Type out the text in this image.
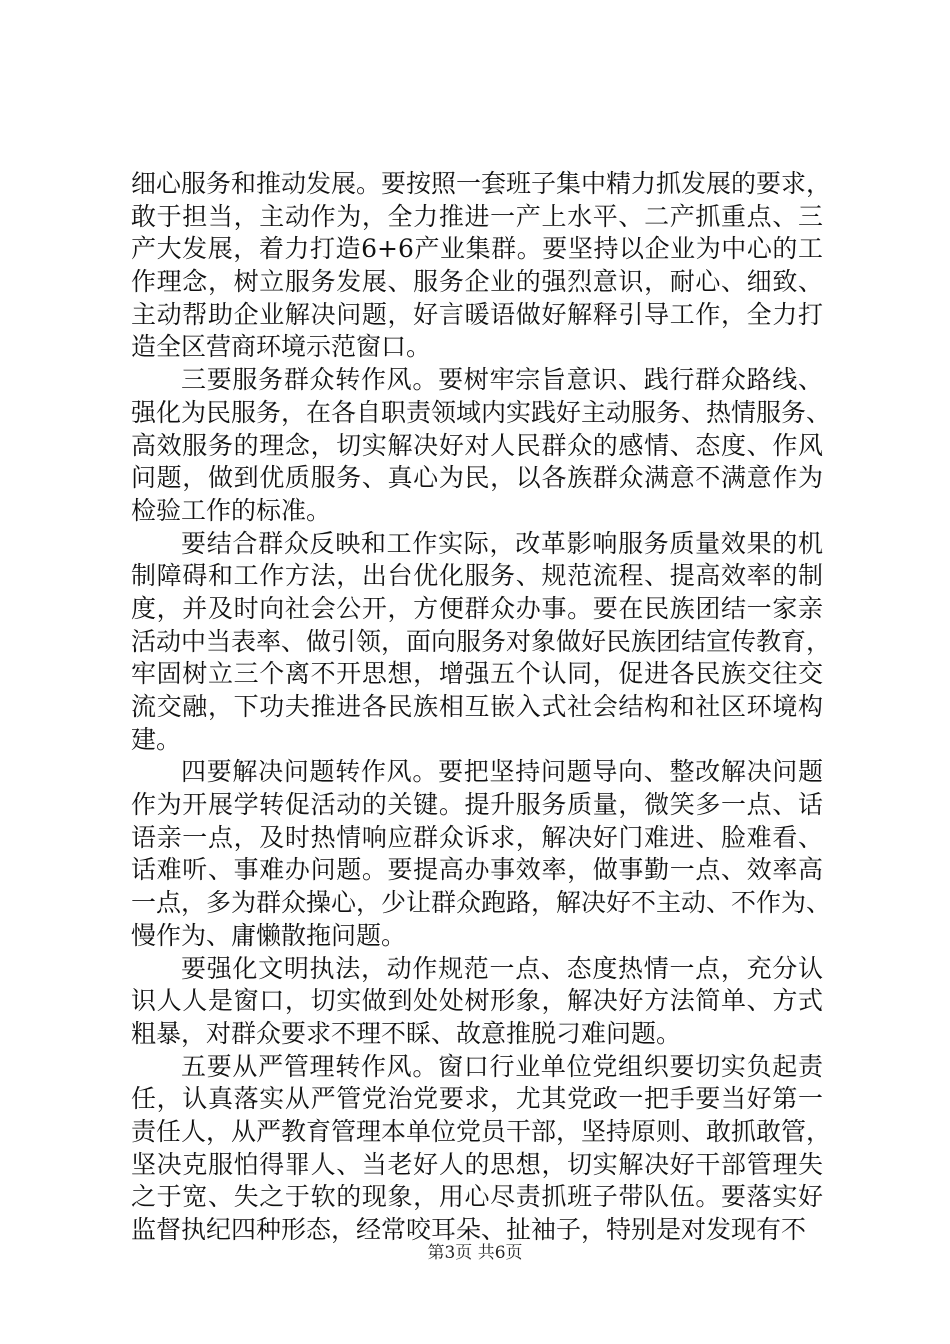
细心服务和推动发展。要按照一套班子集中精力抓发展的要求，
敢于担当，主动作为，全力推进一产上水平、二产抓重点、三
产大发展，着力打造6+6产业集群。要坚持以企业为中心的工
作理念，树立服务发展、服务企业的强烈意识，耐心、细致、
主动帮助企业解决问题，好言暖语做好解释引导工作，全力打
造全区营商环境示范窗口。
三要服务群众转作风。要树牢宗旨意识、践行群众路线、
强化为民服务，在各自职责领域内实践好主动服务、热情服务、
高效服务的理念，切实解决好对人民群众的感情、态度、作风
问题，做到优质服务、真心为民，以各族群众满意不满意作为
检验工作的标准。
要结合群众反映和工作实际，改革影响服务质量效果的机
制障碍和工作方法，出台优化服务、规范流程、提高效率的制
度，并及时向社会公开，方便群众办事。要在民族团结一家亲
活动中当表率、做引领，面向服务对象做好民族团结宣传教育，
牢固树立三个离不开思想，增强五个认同，促进各民族交往交
流交融，下功夫推进各民族相互嵌入式社会结构和社区环境构
建。
四要解决问题转作风。要把坚持问题导向、整改解决问题
作为开展学转促活动的关键。提升服务质量，微笑多一点、话
语亲一点，及时热情响应群众诉求，解决好门难进、脸难看、
话难听、事难办问题。要提高办事效率，做事勤一点、效率高
一点，多为群众操心，少让群众跑路，解决好不主动、不作为、
慢作为、庸懒散拖问题。
要强化文明执法，动作规范一点、态度热情一点，充分认
识人人是窗口，切实做到处处树形象，解决好方法简单、方式
粗暴，对群众要求不理不睬、故意推脱刁难问题。
五要从严管理转作风。窗口行业单位党组织要切实负起责
任，认真落实从严管党治党要求，尤其党政一把手要当好第一
责任人，从严教育管理本单位党员干部，坚持原则、敢抓敢管，
坚决克服怕得罪人、当老好人的思想，切实解决好干部管理失
之于宽、失之于软的现象，用心尽责抓班子带队伍。要落实好
监督执纪四种形态，经常咬耳朵、扯袖子，特别是对发现有不
第3页 共6页
